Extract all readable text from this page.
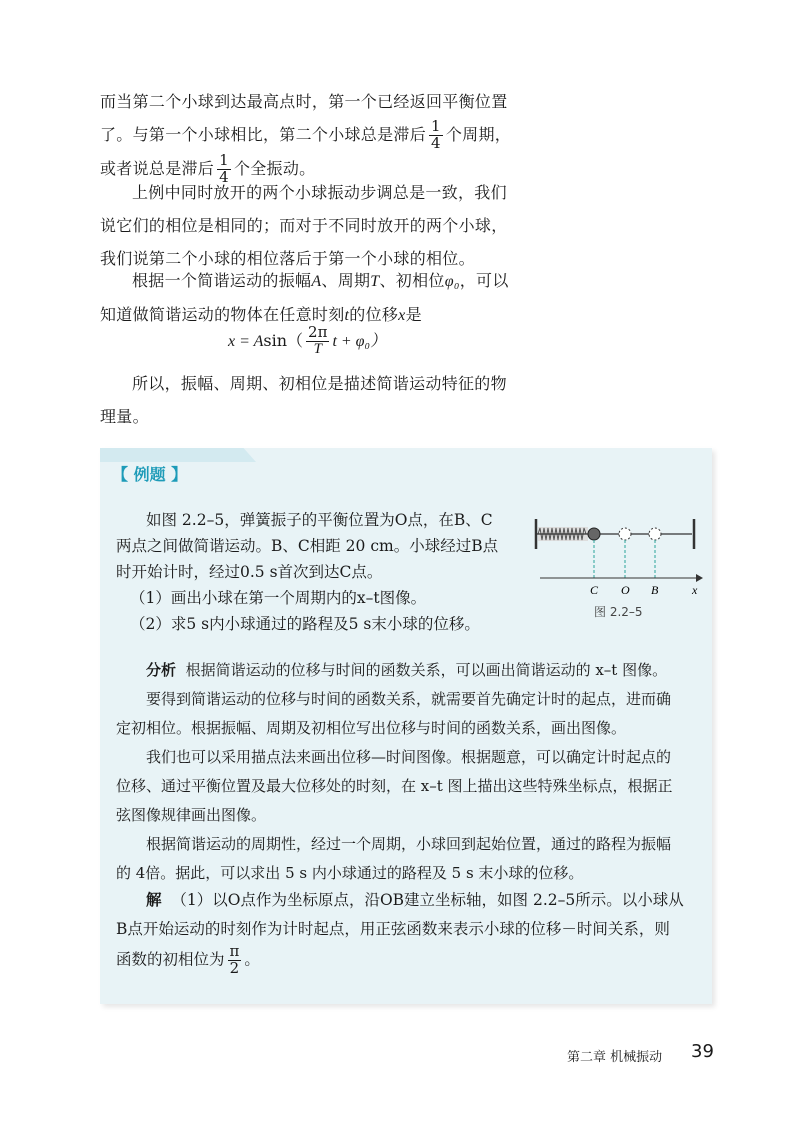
而当第二个小球到达最高点时，第一个已经返回平衡位置
了。与第一个小球相比，第二个小球总是滞后 $\frac{1}{4}$ 个周期，
或者说总是滞后 $\frac{1}{4}$ 个全振动。
上例中同时放开的两个小球振动步调总是一致，我们
说它们的相位是相同的；而对于不同时放开的两个小球，
我们说第二个小球的相位落后于第一个小球的相位。
根据一个简谐运动的振幅A、周期T、初相位φ₀，可以
知道做简谐运动的物体在任意时刻t的位移x是
$x = Asin( \frac{2\pi}{T}$ t + φ₀）
所以，振幅、周期、初相位是描述简谐运动特征的物
理量。
【 例题 】
如图 2.2–5，弹簧振子的平衡位置为O点，在B、C
两点之间做简谐运动。B、C相距 20 cm。小球经过B点
时开始计时，经过0.5 s首次到达C点。
（1）画出小球在第一个周期内的x–t图像。
（2）求5 s内小球通过的路程及5 s末小球的位移。
C O B	x
图 2.2–5
分析 根据简谐运动的位移与时间的函数关系，可以画出简谐运动的 x–t 图像。
要得到简谐运动的位移与时间的函数关系，就需要首先确定计时的起点，进而确
定初相位。根据振幅、周期及初相位写出位移与时间的函数关系，画出图像。
我们也可以采用描点法来画出位移—时间图像。根据题意，可以确定计时起点的
位移、通过平衡位置及最大位移处的时刻，在 x–t 图上描出这些特殊坐标点，根据正
弦图像规律画出图像。
根据简谐运动的周期性，经过一个周期，小球回到起始位置，通过的路程为振幅
的 4倍。据此，可以求出 5 s 内小球通过的路程及 5 s 末小球的位移。
解 （1）以O点作为坐标原点，沿OB建立坐标轴，如图 2.2–5所示。以小球从
B点开始运动的时刻作为计时起点，用正弦函数来表示小球的位移－时间关系，则
函数的初相位为 $\frac{\pi}{2}$ 。
第二章 机械振动 39
